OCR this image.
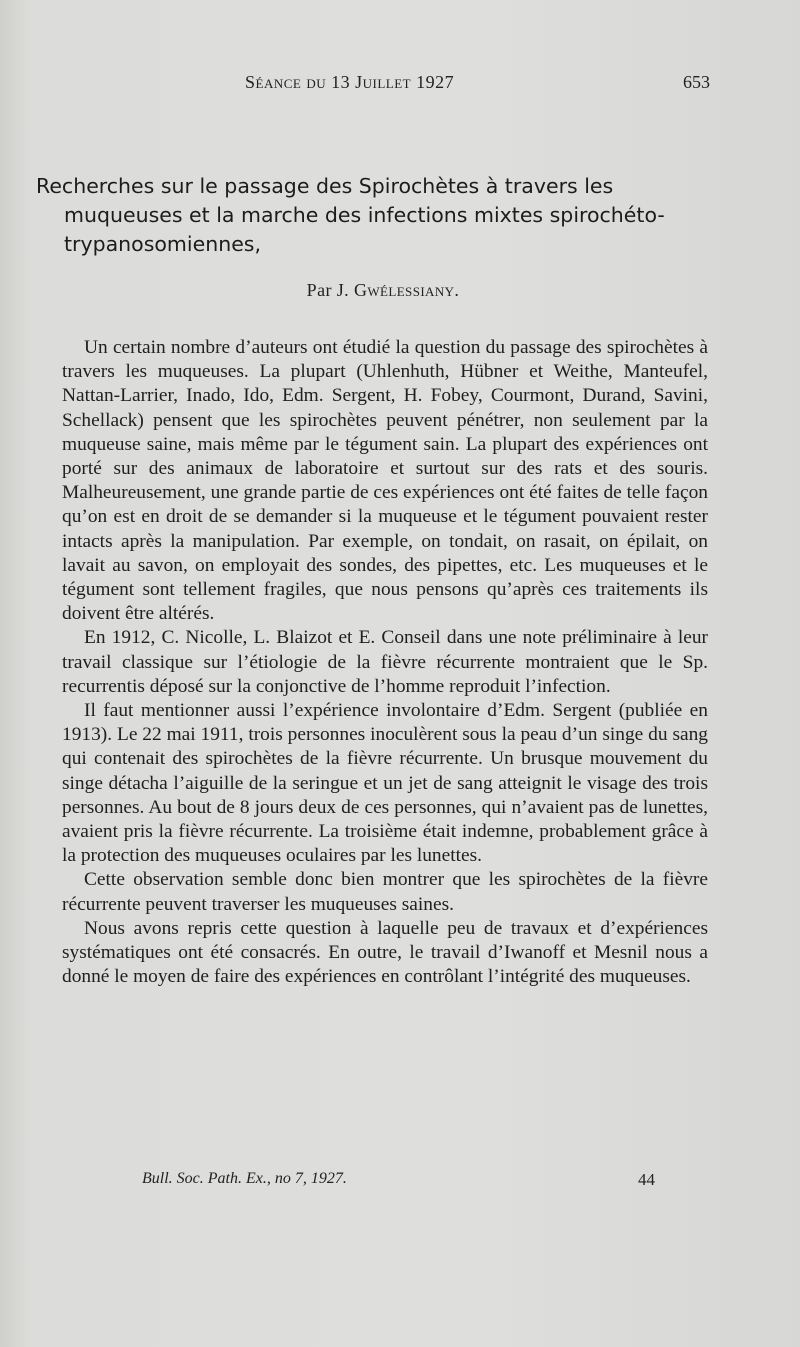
Séance du 13 Juillet 1927	653
Recherches sur le passage des Spirochètes à travers les
muqueuses et la marche des infections mixtes spirochéto-
trypanosomiennes,
Par J. Gwélessiany.

Un certain nombre d’auteurs ont étudié la question du passage des spirochètes à travers les muqueuses. La plupart (Uhlenhuth, Hübner et Weithe, Manteufel, Nattan-Larrier, Inado, Ido, Edm. Sergent, H. Fobey, Courmont, Durand, Savini, Schellack) pensent que les spirochètes peuvent pénétrer, non seulement par la muqueuse saine, mais même par le tégument sain. La plupart des expériences ont porté sur des animaux de laboratoire et surtout sur des rats et des souris. Malheureusement, une grande partie de ces expériences ont été faites de telle façon qu’on est en droit de se demander si la muqueuse et le tégument pouvaient rester intacts après la manipulation. Par exemple, on tondait, on rasait, on épilait, on lavait au savon, on employait des sondes, des pipettes, etc. Les muqueuses et le tégument sont tellement fragiles, que nous pensons qu’après ces traitements ils doivent être altérés.

En 1912, C. Nicolle, L. Blaizot et E. Conseil dans une note préliminaire à leur travail classique sur l’étiologie de la fièvre récurrente montraient que le Sp. recurrentis déposé sur la conjonctive de l’homme reproduit l’infection.

Il faut mentionner aussi l’expérience involontaire d’Edm. Sergent (publiée en 1913). Le 22 mai 1911, trois personnes inoculèrent sous la peau d’un singe du sang qui contenait des spirochètes de la fièvre récurrente. Un brusque mouvement du singe détacha l’aiguille de la seringue et un jet de sang atteignit le visage des trois personnes. Au bout de 8 jours deux de ces personnes, qui n’avaient pas de lunettes, avaient pris la fièvre récurrente. La troisième était indemne, probablement grâce à la protection des muqueuses oculaires par les lunettes.

Cette observation semble donc bien montrer que les spirochètes de la fièvre récurrente peuvent traverser les muqueuses saines.

Nous avons repris cette question à laquelle peu de travaux et d’expériences systématiques ont été consacrés. En outre, le travail d’Iwanoff et Mesnil nous a donné le moyen de faire des expériences en contrôlant l’intégrité des muqueuses.

Bull. Soc. Path. Ex., no 7, 1927.	44
